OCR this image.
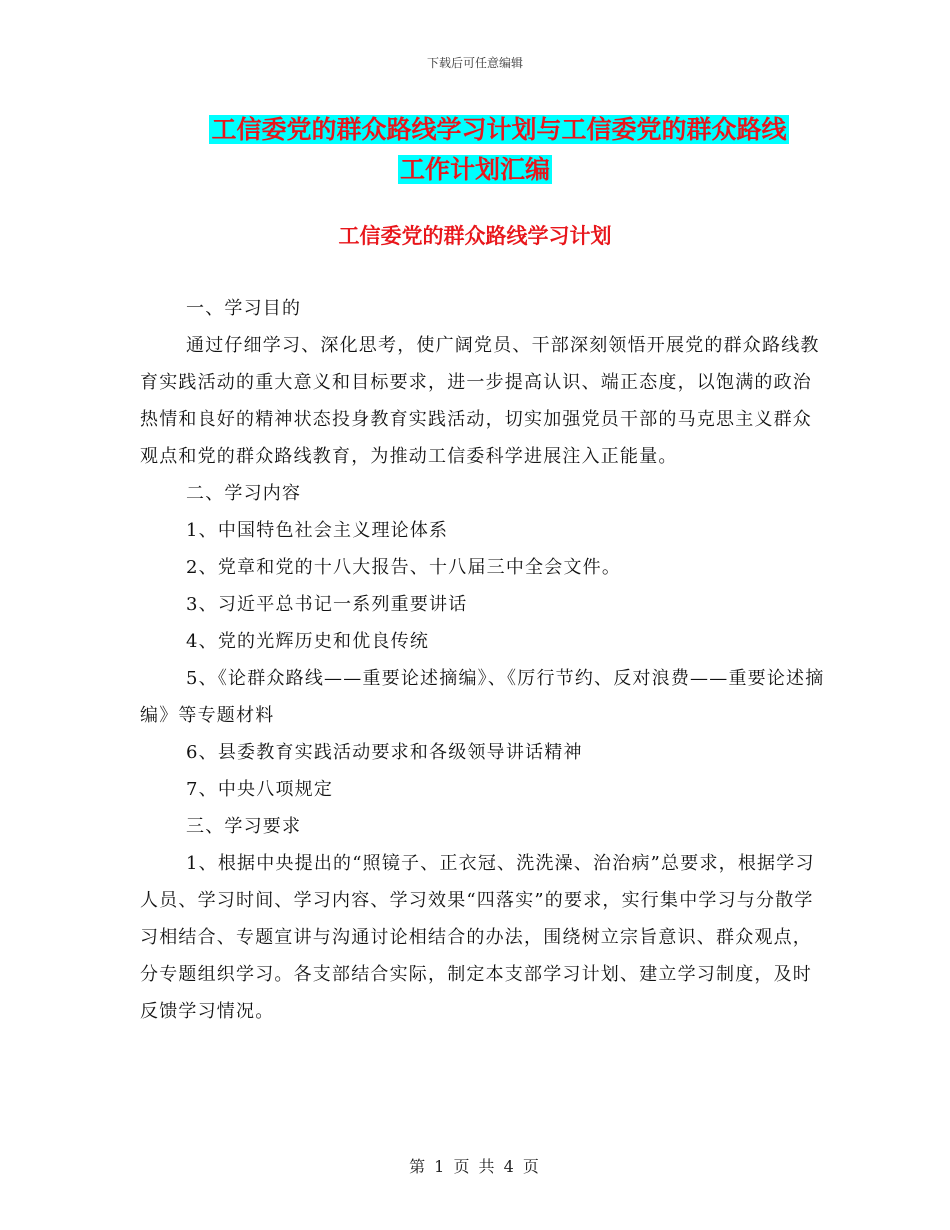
下载后可任意编辑
工信委党的群众路线学习计划与工信委党的群众路线
工作计划汇编
工信委党的群众路线学习计划

一、学习目的

通过仔细学习、深化思考，使广阔党员、干部深刻领悟开展党的群众路线教育实践活动的重大意义和目标要求，进一步提高认识、端正态度，以饱满的政治热情和良好的精神状态投身教育实践活动，切实加强党员干部的马克思主义群众观点和党的群众路线教育，为推动工信委科学进展注入正能量。

二、学习内容

1、中国特色社会主义理论体系

2、党章和党的十八大报告、十八届三中全会文件。

3、习近平总书记一系列重要讲话

4、党的光辉历史和优良传统

5、《论群众路线——重要论述摘编》、《厉行节约、反对浪费——重要论述摘编》等专题材料

6、县委教育实践活动要求和各级领导讲话精神

7、中央八项规定

三、学习要求

1、根据中央提出的“照镜子、正衣冠、洗洗澡、治治病”总要求，根据学习人员、学习时间、学习内容、学习效果“四落实”的要求，实行集中学习与分散学习相结合、专题宣讲与沟通讨论相结合的办法，围绕树立宗旨意识、群众观点，分专题组织学习。各支部结合实际，制定本支部学习计划、建立学习制度，及时反馈学习情况。

第 1 页 共 4 页
